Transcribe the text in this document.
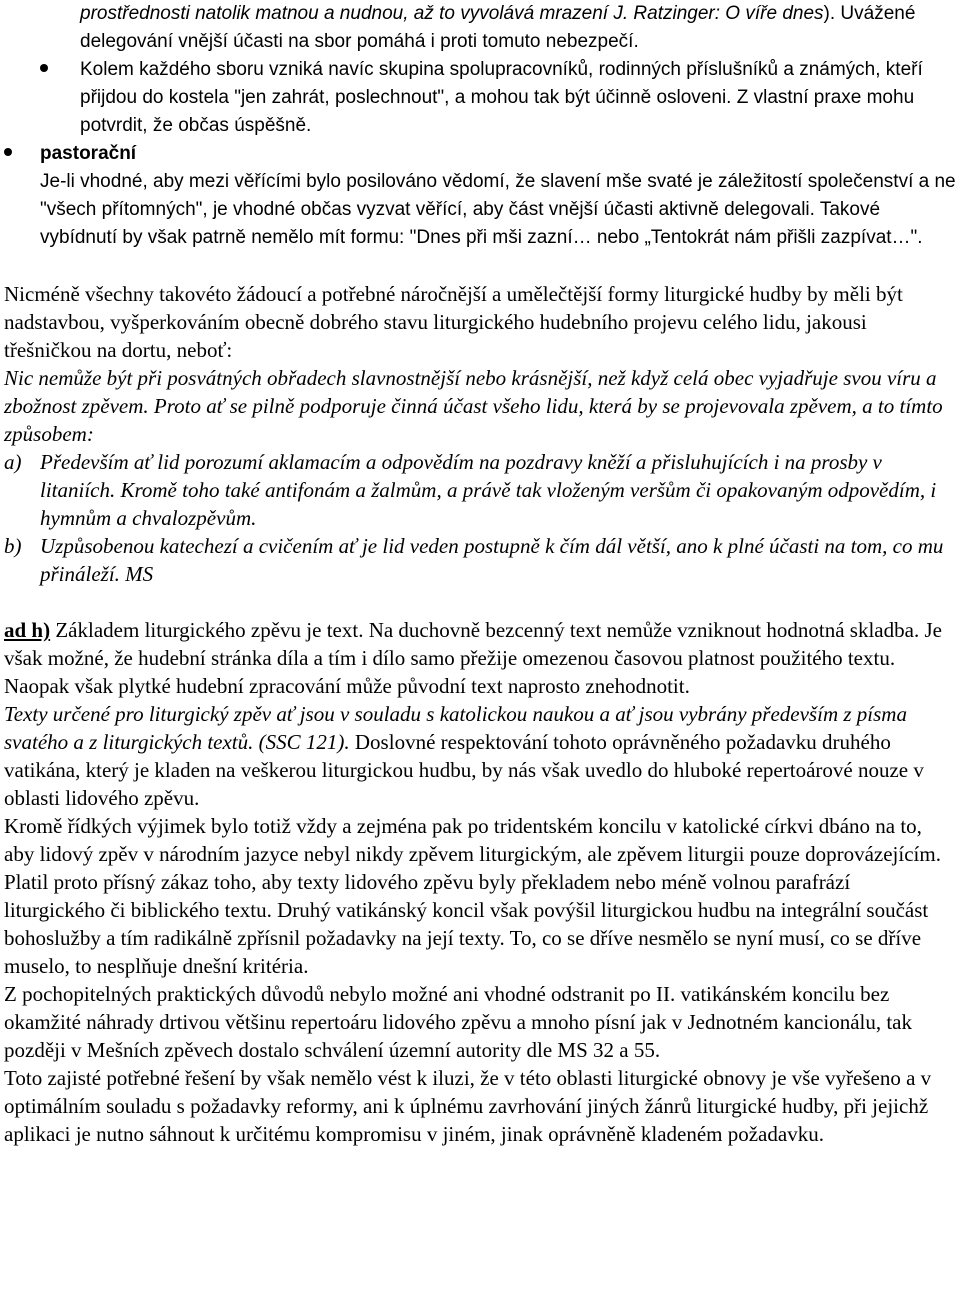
prostřednosti natolik matnou a nudnou, až to vyvolává mrazení J. Ratzinger: O víře dnes). Uvážené delegování vnější účasti na sbor pomáhá i proti tomuto nebezpečí.

Kolem každého sboru vzniká navíc skupina spolupracovníků, rodinných příslušníků a známých, kteří přijdou do kostela "jen zahrát, poslechnout", a mohou tak být účinně osloveni. Z vlastní praxe mohu potvrdit, že občas úspěšně.

pastorační
Je-li vhodné, aby mezi věřícími bylo posilováno vědomí, že slavení mše svaté je záležitostí společenství a ne "všech přítomných", je vhodné občas vyzvat věřící, aby část vnější účasti aktivně delegovali. Takové vybídnutí by však patrně nemělo mít formu: "Dnes při mši zazní… nebo „Tentokrát nám přišli zazpívat…".

Nicméně všechny takovéto žádoucí a potřebné náročnější a umělečtější formy liturgické hudby by měli být nadstavbou, vyšperkováním obecně dobrého stavu liturgického hudebního projevu celého lidu, jakousi třešničkou na dortu, neboť:

Nic nemůže být při posvátných obřadech slavnostnější nebo krásnější, než když celá obec vyjadřuje svou víru a zbožnost zpěvem. Proto ať se pilně podporuje činná účast všeho lidu, která by se projevovala zpěvem, a to tímto způsobem:

a) Především ať lid porozumí aklamacím a odpovědím na pozdravy kněží a přisluhujících i na prosby v litaniích. Kromě toho také antifonám a žalmům, a právě tak vloženým veršům či opakovaným odpovědím, i hymnům a chvalozpěvům.

b) Uzpůsobenou katechezí a cvičením ať je lid veden postupně k čím dál větší, ano k plné účasti na tom, co mu přináleží. MS

ad h) Základem liturgického zpěvu je text. Na duchovně bezcenný text nemůže vzniknout hodnotná skladba. Je však možné, že hudební stránka díla a tím i dílo samo přežije omezenou časovou platnost použitého textu. Naopak však plytké hudební zpracování může původní text naprosto znehodnotit.

Texty určené pro liturgický zpěv ať jsou v souladu s katolickou naukou a ať jsou vybrány především z písma svatého a z liturgických textů. (SSC 121). Doslovné respektování tohoto oprávněného požadavku druhého vatikána, který je kladen na veškerou liturgickou hudbu, by nás však uvedlo do hluboké repertoárové nouze v oblasti lidového zpěvu.

Kromě řídkých výjimek bylo totiž vždy a zejména pak po tridentském koncilu v katolické církvi dbáno na to, aby lidový zpěv v národním jazyce nebyl nikdy zpěvem liturgickým, ale zpěvem liturgii pouze doprovázejícím. Platil proto přísný zákaz toho, aby texty lidového zpěvu byly překladem nebo méně volnou parafrází liturgického či biblického textu. Druhý vatikánský koncil však povýšil liturgickou hudbu na integrální součást bohoslužby a tím radikálně zpřísnil požadavky na její texty. To, co se dříve nesmělo se nyní musí, co se dříve muselo, to nesplňuje dnešní kritéria.

Z pochopitelných praktických důvodů nebylo možné ani vhodné odstranit po II. vatikánském koncilu bez okamžité náhrady drtivou většinu repertoáru lidového zpěvu a mnoho písní jak v Jednotném kancionálu, tak později v Mešních zpěvech dostalo schválení územní autority dle MS 32 a 55.

Toto zajisté potřebné řešení by však nemělo vést k iluzi, že v této oblasti liturgické obnovy je vše vyřešeno a v optimálním souladu s požadavky reformy, ani k úplnému zavrhování jiných žánrů liturgické hudby, při jejichž aplikaci je nutno sáhnout k určitému kompromisu v jiném, jinak oprávněně kladeném požadavku.
